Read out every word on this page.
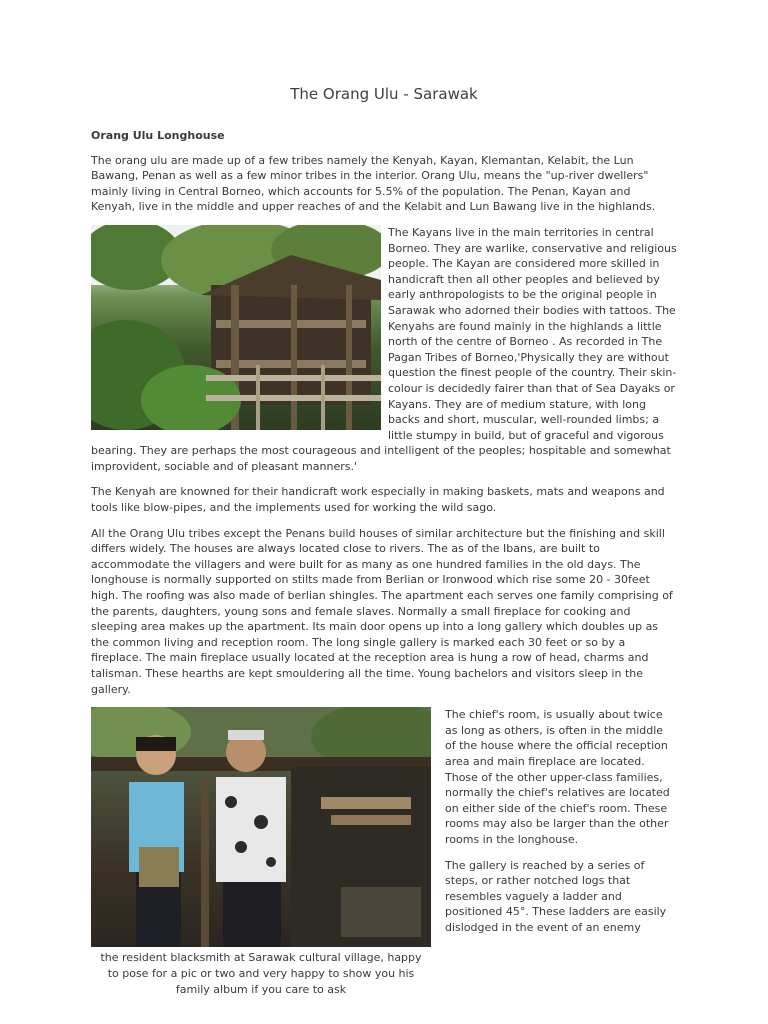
The Orang Ulu - Sarawak
Orang Ulu Longhouse

The orang ulu are made up of a few tribes namely the Kenyah, Kayan, Klemantan, Kelabit, the Lun Bawang, Penan as well as a few minor tribes in the interior. Orang Ulu, means the "up-river dwellers" mainly living in Central Borneo, which accounts for 5.5% of the population. The Penan, Kayan and Kenyah, live in the middle and upper reaches of and the Kelabit and Lun Bawang live in the highlands.

The Kayans live in the main territories in central Borneo. They are warlike, conservative and religious people. The Kayan are considered more skilled in handicraft then all other peoples and believed by early anthropologists to be the original people in Sarawak who adorned their bodies with tattoos. The Kenyahs are found mainly in the highlands a little north of the centre of Borneo . As recorded in The Pagan Tribes of Borneo,'Physically they are without question the finest people of the country. Their skin-colour is decidedly fairer than that of Sea Dayaks or Kayans. They are of medium stature, with long backs and short, muscular, well-rounded limbs; a little stumpy in build, but of graceful and vigorous bearing. They are perhaps the most courageous and intelligent of the peoples; hospitable and somewhat improvident, sociable and of pleasant manners.'

The Kenyah are knowned for their handicraft work especially in making baskets, mats and weapons and tools like blow-pipes, and the implements used for working the wild sago.

All the Orang Ulu tribes except the Penans build houses of similar architecture but the finishing and skill differs widely. The houses are always located close to rivers. The as of the Ibans, are built to accommodate the villagers and were built for as many as one hundred families in the old days. The longhouse is normally supported on stilts made from Berlian or Ironwood which rise some 20 - 30feet high. The roofing was also made of berlian shingles. The apartment each serves one family comprising of the parents, daughters, young sons and female slaves. Normally a small fireplace for cooking and sleeping area makes up the apartment. Its main door opens up into a long gallery which doubles up as the common living and reception room. The long single gallery is marked each 30 feet or so by a fireplace. The main fireplace usually located at the reception area is hung a row of head, charms and talisman. These hearths are kept smouldering all the time. Young bachelors and visitors sleep in the gallery.

the resident blacksmith at Sarawak cultural village, happy to pose for a pic or two and very happy to show you his family album if you care to ask

The chief's room, is usually about twice as long as others, is often in the middle of the house where the official reception area and main fireplace are located. Those of the other upper-class families, normally the chief's relatives are located on either side of the chief's room. These rooms may also be larger than the other rooms in the longhouse.

The gallery is reached by a series of steps, or rather notched logs that resembles vaguely a ladder and positioned 45°. These ladders are easily dislodged in the event of an enemy
